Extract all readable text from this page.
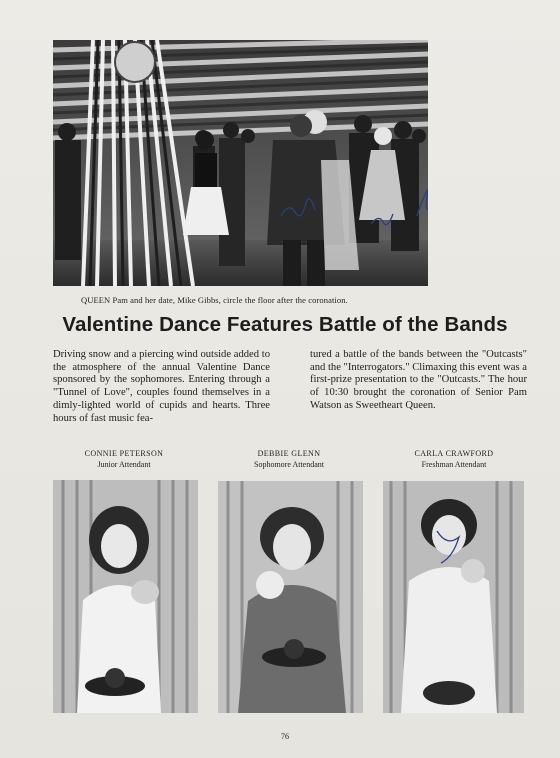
QUEEN Pam and her date, Mike Gibbs, circle the floor after the coronation.
Valentine Dance Features Battle of the Bands
Driving snow and a piercing wind outside added to the atmosphere of the annual Valentine Dance sponsored by the sophomores. Entering through a "Tunnel of Love", couples found themselves in a dimly-lighted world of cupids and hearts. Three hours of fast music fea-
tured a battle of the bands between the "Outcasts" and the "Interrogators." Climaxing this event was a first-prize presentation to the "Outcasts." The hour of 10:30 brought the coronation of Senior Pam Watson as Sweetheart Queen.
CONNIE PETERSON
Junior Attendant
DEBBIE GLENN
Sophomore Attendant
CARLA CRAWFORD
Freshman Attendant
76
